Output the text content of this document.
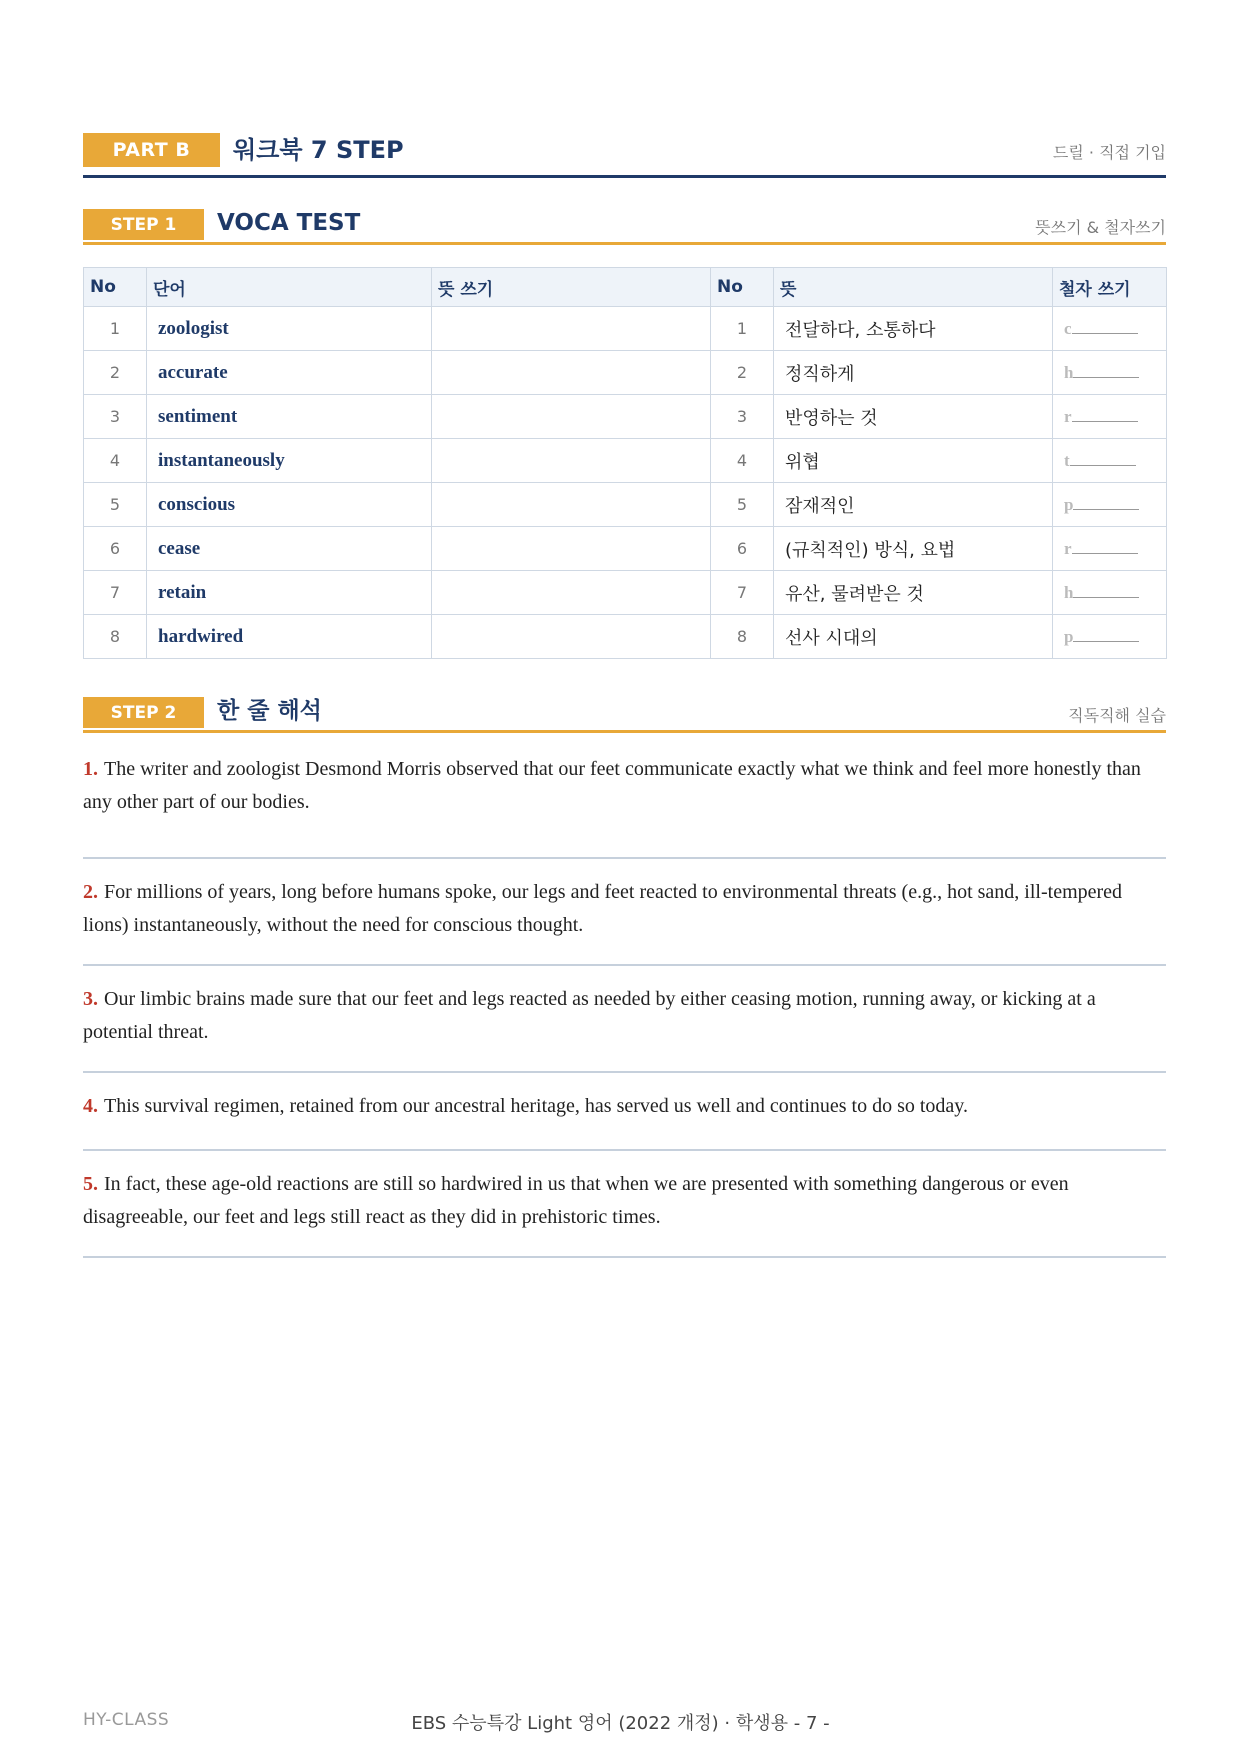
PART B	워크북 7 STEP	드릴 · 직접 기입
STEP 1	VOCA TEST	뜻쓰기 & 철자쓰기
No	단어	뜻 쓰기	No	뜻	철자 쓰기
1	zoologist		1	전달하다, 소통하다	c
2	accurate		2	정직하게	h
3	sentiment		3	반영하는 것	r
4	instantaneously		4	위협	t
5	conscious		5	잠재적인	p
6	cease		6	(규칙적인) 방식, 요법	r
7	retain		7	유산, 물려받은 것	h
8	hardwired		8	선사 시대의	p
STEP 2	한 줄 해석	직독직해 실습
1. The writer and zoologist Desmond Morris observed that our feet communicate exactly what we think and feel more honestly than any other part of our bodies.
2. For millions of years, long before humans spoke, our legs and feet reacted to environmental threats (e.g., hot sand, ill-tempered lions) instantaneously, without the need for conscious thought.
3. Our limbic brains made sure that our feet and legs reacted as needed by either ceasing motion, running away, or kicking at a potential threat.
4. This survival regimen, retained from our ancestral heritage, has served us well and continues to do so today.
5. In fact, these age-old reactions are still so hardwired in us that when we are presented with something dangerous or even disagreeable, our feet and legs still react as they did in prehistoric times.
HY-CLASS	EBS 수능특강 Light 영어 (2022 개정) · 학생용 - 7 -
